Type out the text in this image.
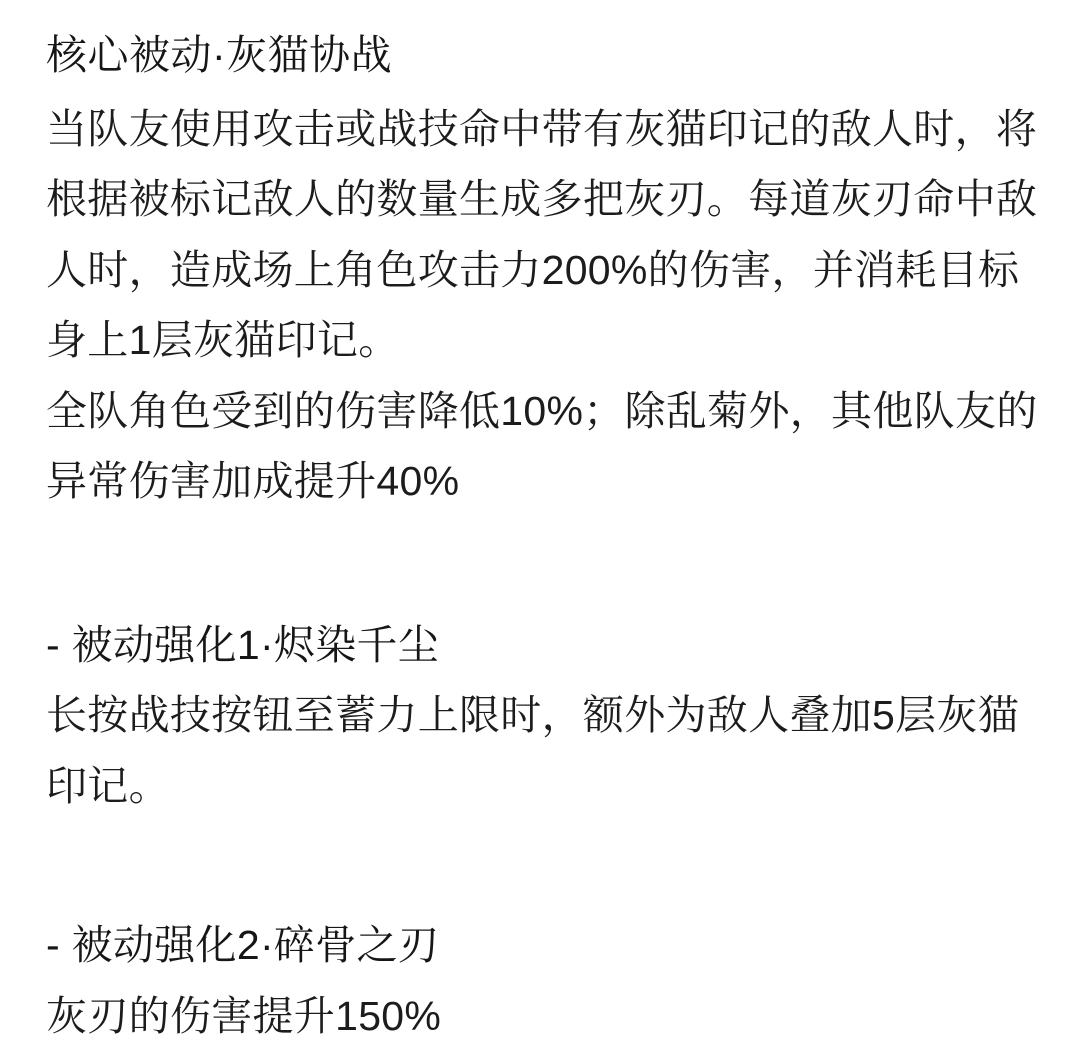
核心被动·灰猫协战

当队友使用攻击或战技命中带有灰猫印记的敌人时，将根据被标记敌人的数量生成多把灰刃。每道灰刃命中敌人时，造成场上角色攻击力200%的伤害，并消耗目标身上1层灰猫印记。

全队角色受到的伤害降低10%；除乱菊外，其他队友的异常伤害加成提升40%

- 被动强化1·烬染千尘

长按战技按钮至蓄力上限时，额外为敌人叠加5层灰猫印记。

- 被动强化2·碎骨之刃

灰刃的伤害提升150%
